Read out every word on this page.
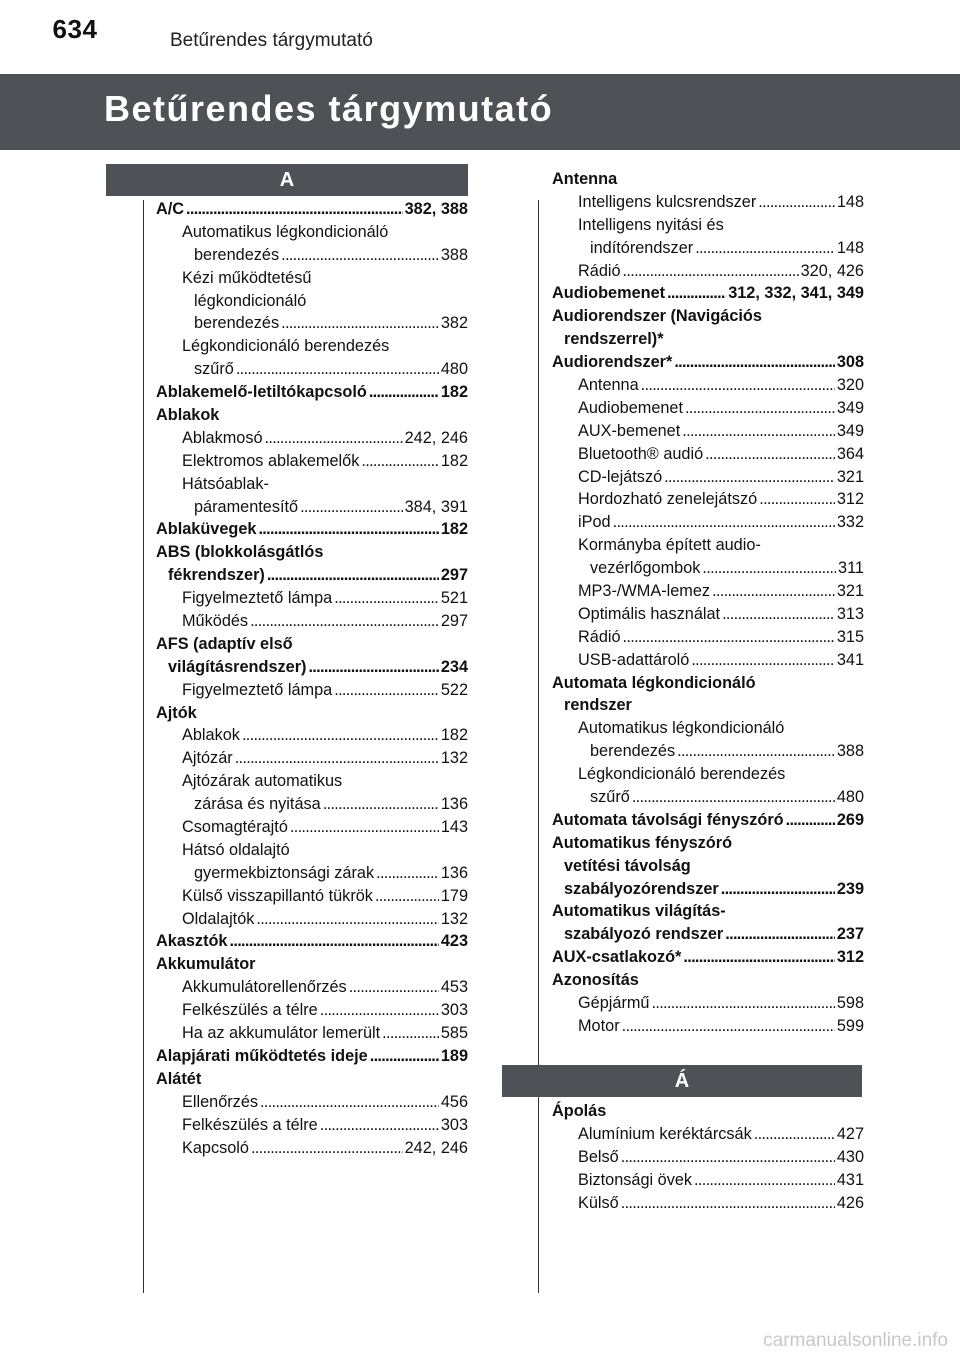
634	Betűrendes tárgymutató
Betűrendes tárgymutató
A
Á
A/C . . .	382, 388
Automatikus légkondicionáló
berendezés . . .	388
Kézi működtetésű
légkondicionáló
berendezés . . .	382
Légkondicionáló berendezés
szűrő . . .	480
Ablakemelő-letiltókapcsoló . . .	182
Ablakok
Ablakmosó . . .	242, 246
Elektromos ablakemelők . . .	182
Hátsóablak-
páramentesítő . . .	384, 391
Ablaküvegek . . .	182
ABS (blokkolásgátlós
fékrendszer) . . .	297
Figyelmeztető lámpa . . .	521
Működés . . .	297
AFS (adaptív első
világításrendszer) . . .	234
Figyelmeztető lámpa . . .	522
Ajtók
Ablakok . . .	182
Ajtózár . . .	132
Ajtózárak automatikus
zárása és nyitása . . .	136
Csomagtérajtó . . .	143
Hátsó oldalajtó
gyermekbiztonsági zárak . . .	136
Külső visszapillantó tükrök . . .	179
Oldalajtók . . .	132
Akasztók . . .	423
Akkumulátor
Akkumulátorellenőrzés . . .	453
Felkészülés a télre . . .	303
Ha az akkumulátor lemerült . . .	585
Alapjárati működtetés ideje . . .	189
Alátét
Ellenőrzés . . .	456
Felkészülés a télre . . .	303
Kapcsoló . . .	242, 246
Antenna
Intelligens kulcsrendszer . . .	148
Intelligens nyitási és
indítórendszer . . .	148
Rádió . . .	320, 426
Audiobemenet . . .	312, 332, 341, 349
Audiorendszer (Navigációs
rendszerrel)*
Audiorendszer* . . .	308
Antenna . . .	320
Audiobemenet . . .	349
AUX-bemenet . . .	349
Bluetooth® audió . . .	364
CD-lejátszó . . .	321
Hordozható zenelejátszó . . .	312
iPod . . .	332
Kormányba épített audio-
vezérlőgombok . . .	311
MP3-/WMA-lemez . . .	321
Optimális használat . . .	313
Rádió . . .	315
USB-adattároló . . .	341
Automata légkondicionáló
rendszer
Automatikus légkondicionáló
berendezés . . .	388
Légkondicionáló berendezés
szűrő . . .	480
Automata távolsági fényszóró . . .	269
Automatikus fényszóró
vetítési távolság
szabályozórendszer . . .	239
Automatikus világítás-
szabályozó rendszer . . .	237
AUX-csatlakozó* . . .	312
Azonosítás
Gépjármű . . .	598
Motor . . .	599
Ápolás
Alumínium keréktárcsák . . .	427
Belső . . .	430
Biztonsági övek . . .	431
Külső . . .	426
carmanualsonline.info
